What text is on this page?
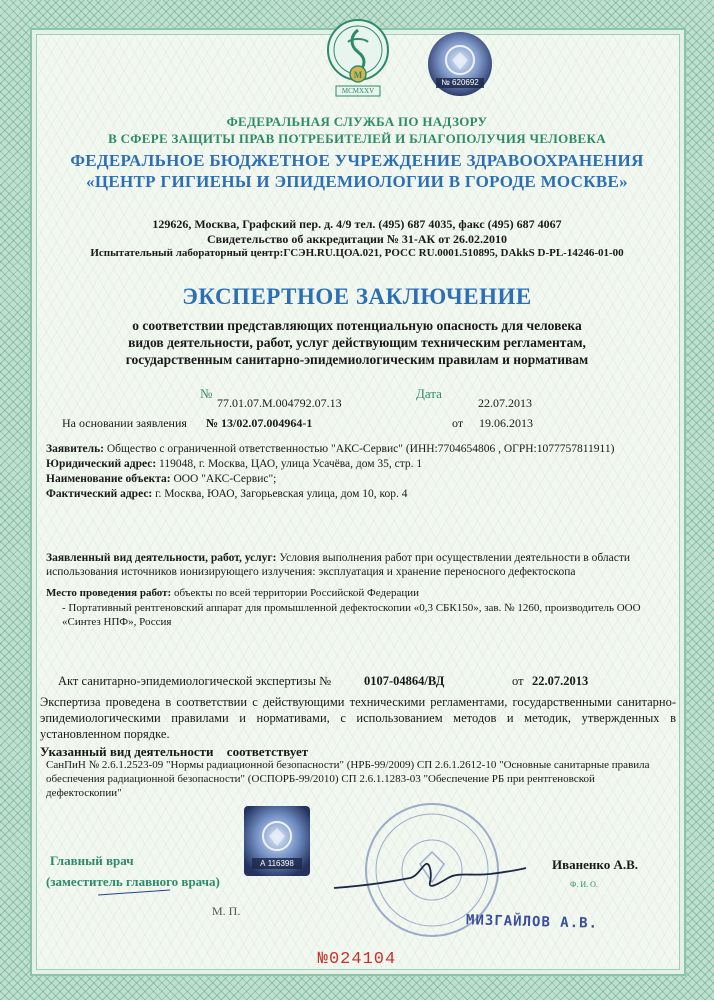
M
MCMXXV
№ 620692
ФЕДЕРАЛЬНАЯ СЛУЖБА ПО НАДЗОРУ
В СФЕРЕ ЗАЩИТЫ ПРАВ ПОТРЕБИТЕЛЕЙ И БЛАГОПОЛУЧИЯ ЧЕЛОВЕКА
ФЕДЕРАЛЬНОЕ БЮДЖЕТНОЕ УЧРЕЖДЕНИЕ ЗДРАВООХРАНЕНИЯ
«ЦЕНТР ГИГИЕНЫ И ЭПИДЕМИОЛОГИИ В ГОРОДЕ МОСКВЕ»
129626, Москва, Графский пер. д. 4/9 тел. (495) 687 4035, факс (495) 687 4067
Свидетельство об аккредитации № 31-АК от 26.02.2010
Испытательный лабораторный центр:ГСЭН.RU.ЦОА.021, РОСС RU.0001.510895, DAkkS D-PL-14246-01-00
ЭКСПЕРТНОЕ ЗАКЛЮЧЕНИЕ
о соответствии представляющих потенциальную опасность для человека
видов деятельности, работ, услуг действующим техническим регламентам,
государственным санитарно-эпидемиологическим правилам и нормативам
№
77.01.07.М.004792.07.13
Дата
22.07.2013
На основании заявления № 13/02.07.004964-1	от 19.06.2013
Заявитель: Общество с ограниченной ответственностью "АКС-Сервис" (ИНН:7704654806 , ОГРН:1077757811911)
Юридический адрес: 119048, г. Москва, ЦАО, улица Усачёва, дом 35, стр. 1
Наименование объекта: ООО "АКС-Сервис";
Фактический адрес: г. Москва, ЮАО, Загорьевская улица, дом 10, кор. 4
Заявленный вид деятельности, работ, услуг: Условия выполнения работ при осуществлении деятельности в области
использования источников ионизирующего излучения: эксплуатация и хранение переносного дефектоскопа
Место проведения работ: объекты по всей территории Российской Федерации
- Портативный рентгеновский аппарат для промышленной дефектоскопии «0,3 СБК150», зав. № 1260, производитель ООО
«Синтез НПФ», Россия
Акт санитарно-эпидемиологической экспертизы №	0107-04864/ВД	от 22.07.2013
Экспертиза проведена в соответствии с действующими техническими регламентами, государственными санитарно-эпидемиологическими правилами и нормативами, с использованием методов и методик, утвержденных в установленном порядке.
Указанный вид деятельности соответствует
СанПиН № 2.6.1.2523-09 "Нормы радиационной безопасности" (НРБ-99/2009) СП 2.6.1.2612-10 "Основные санитарные правила
обеспечения радиационной безопасности" (ОСПОРБ-99/2010) СП 2.6.1.1283-03 "Обеспечение РБ при рентгеновской
дефектоскопии"
А 116398
Главный врач
(заместитель главного врача)
Иваненко А.В.
Ф. И. О.
М. П.
МИЗГАЙЛОВ А.В.
№024104
